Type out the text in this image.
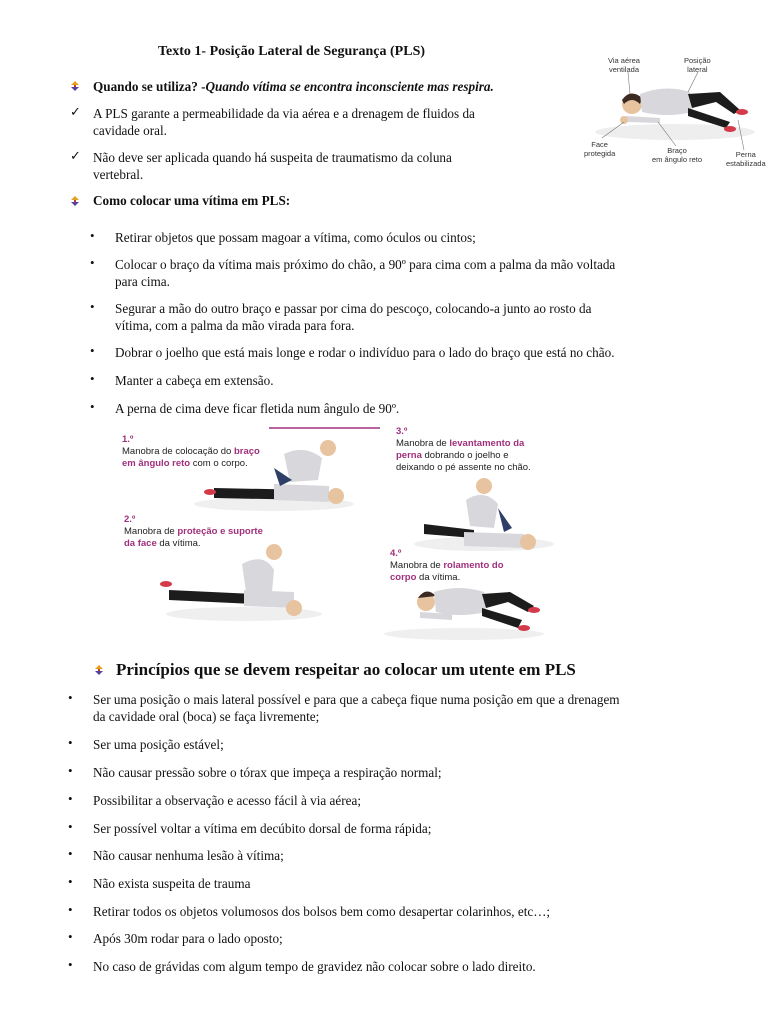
Texto 1- Posição Lateral de Segurança (PLS)
Quando se utiliza? -Quando vítima se encontra inconsciente mas respira.
✓ A PLS garante a permeabilidade da via aérea e a drenagem de fluidos da
cavidade oral.
✓ Não deve ser aplicada quando há suspeita de traumatismo da coluna
vertebral.
Como colocar uma vítima em PLS:
• Retirar objetos que possam magoar a vítima, como óculos ou cintos;
• Colocar o braço da vítima mais próximo do chão, a 90º para cima com a palma da mão voltada
para cima.
• Segurar a mão do outro braço e passar por cima do pescoço, colocando-a junto ao rosto da
vítima, com a palma da mão virada para fora.
• Dobrar o joelho que está mais longe e rodar o indivíduo para o lado do braço que está no chão.
• Manter a cabeça em extensão.
• A perna de cima deve ficar fletida num ângulo de 90º.
Via aérea
ventilada
Posição
lateral
Face
protegida	Braço
em ângulo reto
Perna
estabilizada
1.º
Manobra de colocação do braço
em ângulo reto com o corpo.
2.º
Manobra de proteção e suporte
da face da vítima.
3.º
Manobra de levantamento da
perna dobrando o joelho e
deixando o pé assente no chão.
4.º
Manobra de rolamento do
corpo da vítima.
Princípios que se devem respeitar ao colocar um utente em PLS
• Ser uma posição o mais lateral possível e para que a cabeça fique numa posição em que a drenagem
da cavidade oral (boca) se faça livremente;
• Ser uma posição estável;
• Não causar pressão sobre o tórax que impeça a respiração normal;
• Possibilitar a observação e acesso fácil à via aérea;
• Ser possível voltar a vítima em decúbito dorsal de forma rápida;
• Não causar nenhuma lesão à vítima;
• Não exista suspeita de trauma
• Retirar todos os objetos volumosos dos bolsos bem como desapertar colarinhos, etc…;
• Após 30m rodar para o lado oposto;
• No caso de grávidas com algum tempo de gravidez não colocar sobre o lado direito.
